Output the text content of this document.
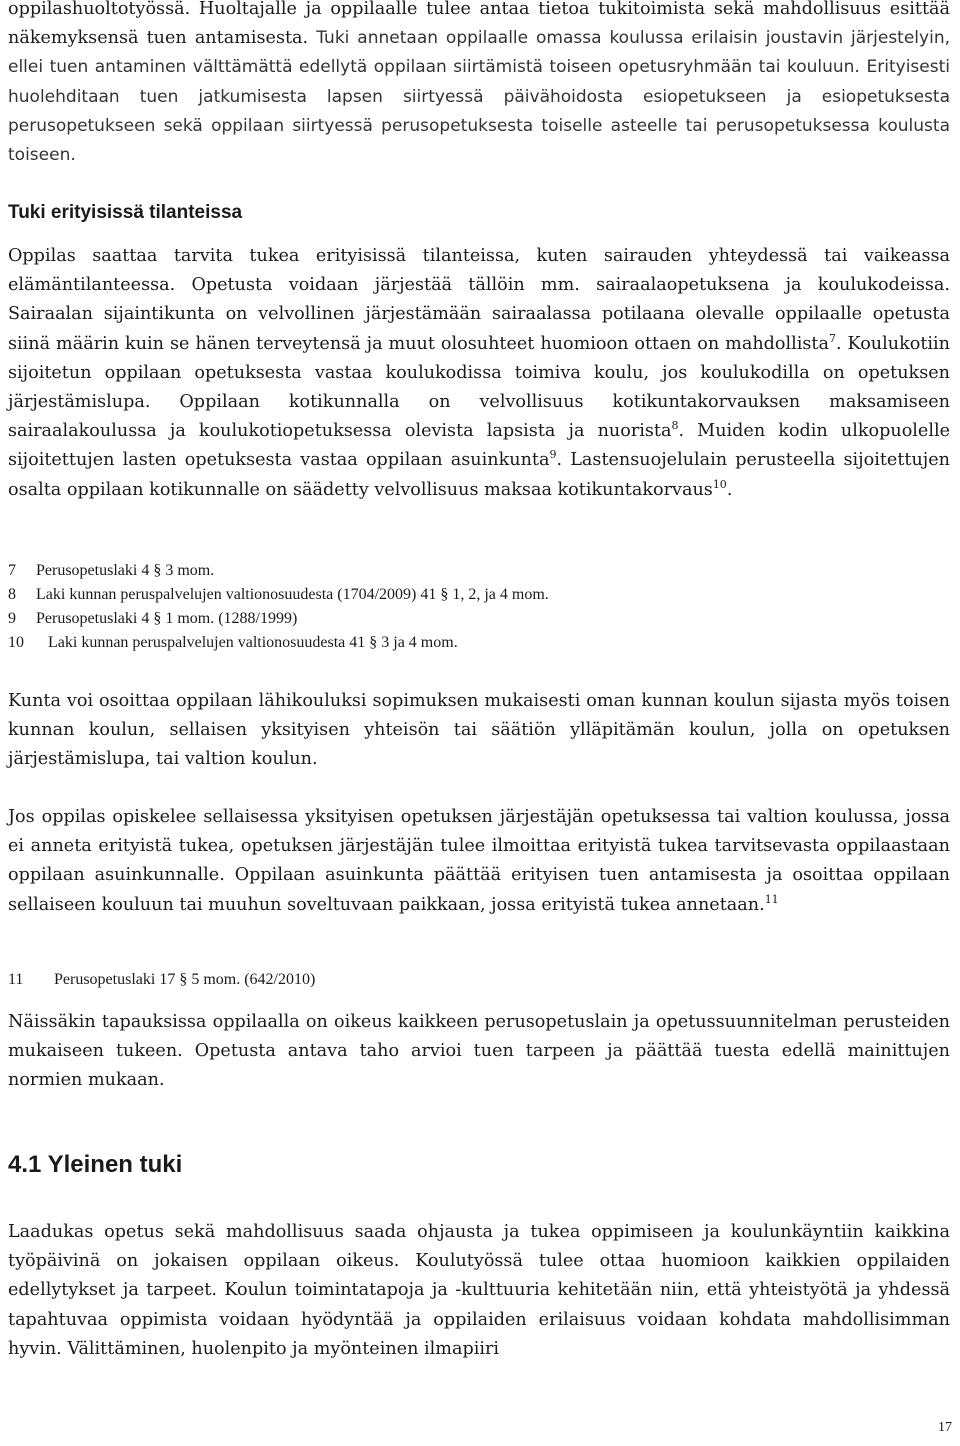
oppilashuoltotyössä. Huoltajalle ja oppilaalle tulee antaa tietoa tukitoimista sekä mahdollisuus esittää näkemyksensä tuen antamisesta. Tuki annetaan oppilaalle omassa koulussa erilaisin joustavin järjestelyin, ellei tuen antaminen välttämättä edellytä oppilaan siirtämistä toiseen opetusryhmään tai kouluun. Erityisesti huolehditaan tuen jatkumisesta lapsen siirtyessä päivähoidosta esiopetukseen ja esiopetuksesta perusopetukseen sekä oppilaan siirtyessä perusopetuksesta toiselle asteelle tai perusopetuksessa koulusta toiseen.

Tuki erityisissä tilanteissa

Oppilas saattaa tarvita tukea erityisissä tilanteissa, kuten sairauden yhteydessä tai vaikeassa elämäntilanteessa. Opetusta voidaan järjestää tällöin mm. sairaalaopetuksena ja koulukodeissa. Sairaalan sijaintikunta on velvollinen järjestämään sairaalassa potilaana olevalle oppilaalle opetusta siinä määrin kuin se hänen terveytensä ja muut olosuhteet huomioon ottaen on mahdollista$^7$. Koulukotiin sijoitetun oppilaan opetuksesta vastaa koulukodissa toimiva koulu, jos koulukodilla on opetuksen järjestämislupa. Oppilaan kotikunnalla on velvollisuus kotikuntakorvauksen maksamiseen sairaalakoulussa ja koulukotiopetuksessa olevista lapsista ja nuorista$^8$. Muiden kodin ulkopuolelle sijoitettujen lasten opetuksesta vastaa oppilaan asuinkunta$^9$. Lastensuojelulain perusteella sijoitettujen osalta oppilaan kotikunnalle on säädetty velvollisuus maksaa kotikuntakorvaus$^{10}$.

7 Perusopetuslaki 4 § 3 mom.
8 Laki kunnan peruspalvelujen valtionosuudesta (1704/2009) 41 § 1, 2, ja 4 mom.
9 Perusopetuslaki 4 § 1 mom. (1288/1999)
10 Laki kunnan peruspalvelujen valtionosuudesta 41 § 3 ja 4 mom.

Kunta voi osoittaa oppilaan lähikouluksi sopimuksen mukaisesti oman kunnan koulun sijasta myös toisen kunnan koulun, sellaisen yksityisen yhteisön tai säätiön ylläpitämän koulun, jolla on opetuksen järjestämislupa, tai valtion koulun.

Jos oppilas opiskelee sellaisessa yksityisen opetuksen järjestäjän opetuksessa tai valtion koulussa, jossa ei anneta erityistä tukea, opetuksen järjestäjän tulee ilmoittaa erityistä tukea tarvitsevasta oppilaastaan oppilaan asuinkunnalle. Oppilaan asuinkunta päättää erityisen tuen antamisesta ja osoittaa oppilaan sellaiseen kouluun tai muuhun soveltuvaan paikkaan, jossa erityistä tukea annetaan.$^{11}$

11 Perusopetuslaki 17 § 5 mom. (642/2010)

Näissäkin tapauksissa oppilaalla on oikeus kaikkeen perusopetuslain ja opetussuunnitelman perusteiden mukaiseen tukeen. Opetusta antava taho arvioi tuen tarpeen ja päättää tuesta edellä mainittujen normien mukaan.

4.1 Yleinen tuki

Laadukas opetus sekä mahdollisuus saada ohjausta ja tukea oppimiseen ja koulunkäyntiin kaikkina työpäivinä on jokaisen oppilaan oikeus. Koulutyössä tulee ottaa huomioon kaikkien oppilaiden edellytykset ja tarpeet. Koulun toimintatapoja ja -kulttuuria kehitetään niin, että yhteistyötä ja yhdessä tapahtuvaa oppimista voidaan hyödyntää ja oppilaiden erilaisuus voidaan kohdata mahdollisimman hyvin. Välittäminen, huolenpito ja myönteinen ilmapiiri

17
